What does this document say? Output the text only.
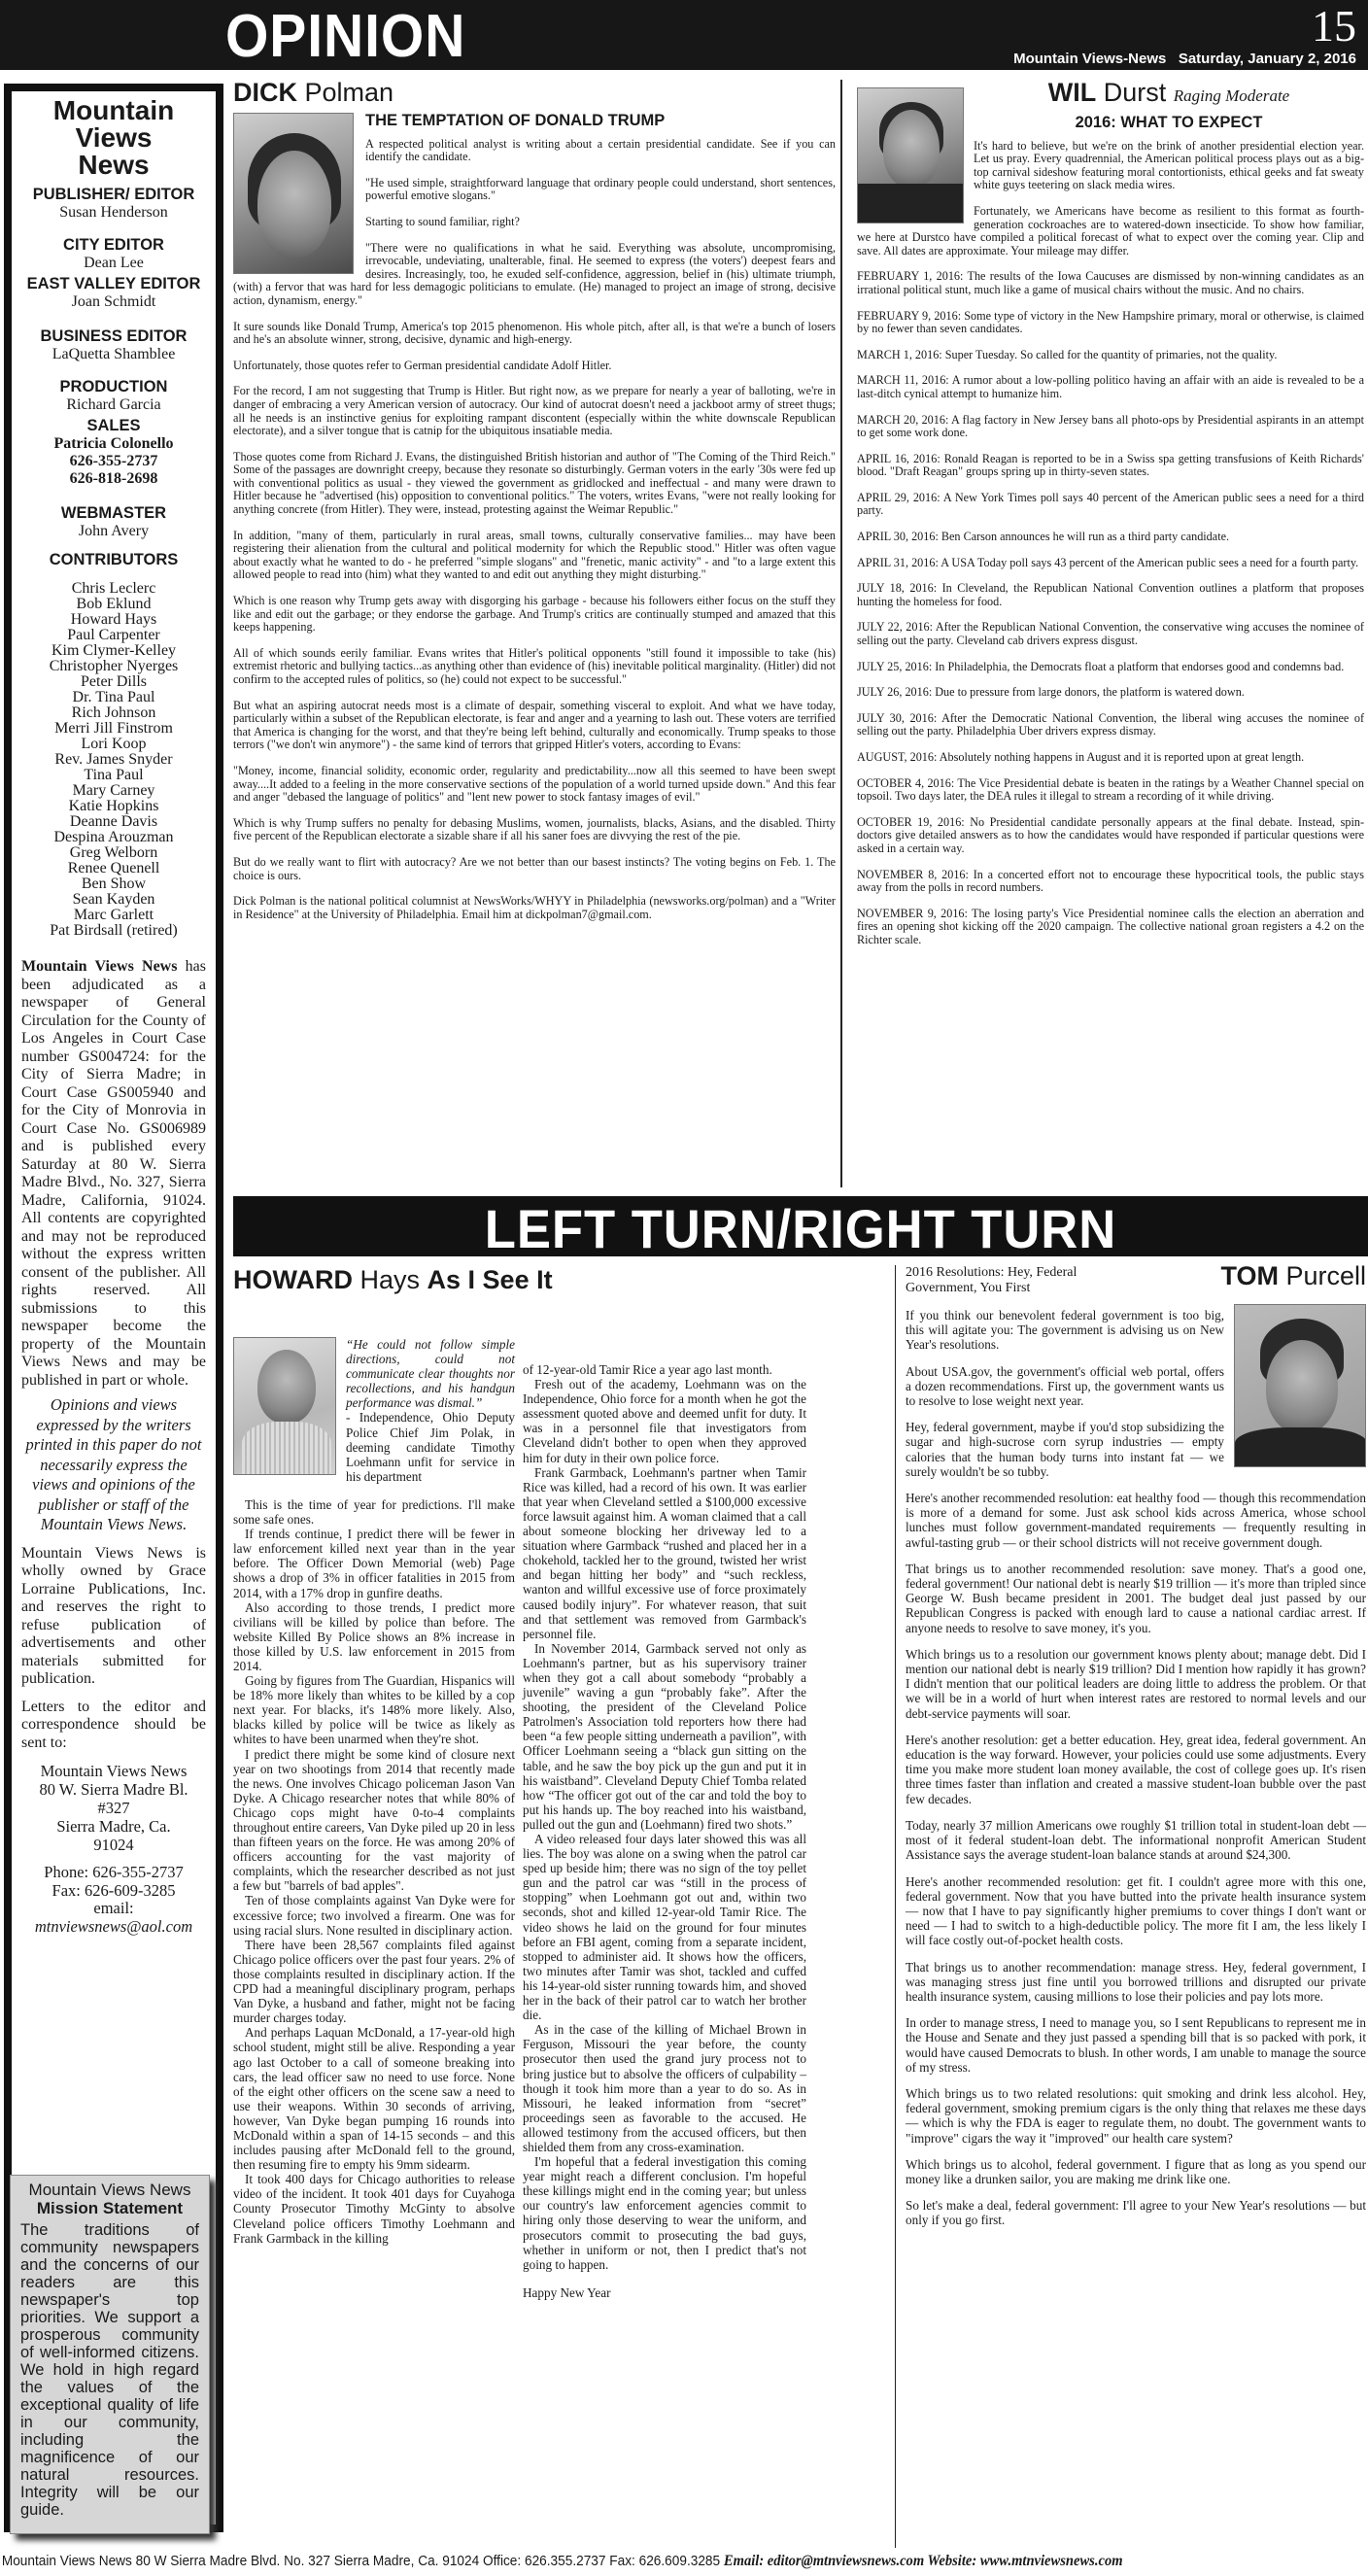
OPINION	15
Mountain Views-News   Saturday, January 2, 2016
Mountain
Views
News
PUBLISHER/ EDITOR
Susan Henderson
CITY EDITOR
Dean Lee
EAST VALLEY EDITOR
Joan Schmidt
BUSINESS EDITOR
LaQuetta Shamblee
PRODUCTION
Richard Garcia
SALES
Patricia Colonello
626-355-2737
626-818-2698
WEBMASTER
John Avery
CONTRIBUTORS
Chris Leclerc
Bob Eklund
Howard Hays
Paul Carpenter
Kim Clymer-Kelley
Christopher Nyerges
Peter Dills
Dr. Tina Paul
Rich Johnson
Merri Jill Finstrom
Lori Koop
Rev. James Snyder
Tina Paul
Mary Carney
Katie Hopkins
Deanne Davis
Despina Arouzman
Greg Welborn
Renee Quenell
Ben Show
Sean Kayden
Marc Garlett
Pat Birdsall (retired)

Mountain Views News has been adjudicated as a newspaper of General Circulation for the County of Los Angeles in Court Case number GS004724: for the City of Sierra Madre; in Court Case GS005940 and for the City of Monrovia in Court Case No. GS006989 and is published every Saturday at 80 W. Sierra Madre Blvd., No. 327, Sierra Madre, California, 91024. All contents are copyrighted and may not be reproduced without the express written consent of the publisher. All rights reserved. All submissions to this newspaper become the property of the Mountain Views News and may be published in part or whole.

Opinions and views expressed by the writers printed in this paper do not necessarily express the views and opinions of the publisher or staff of the Mountain Views News.

Mountain Views News is wholly owned by Grace Lorraine Publications, Inc. and reserves the right to refuse publication of advertisements and other materials submitted for publication.

Letters to the editor and correspondence should be sent to:

Mountain Views News
80 W. Sierra Madre Bl.
#327
Sierra Madre, Ca.
91024
Phone: 626-355-2737
Fax: 626-609-3285
email:
mtnviewsnews@aol.com
Mountain Views News
Mission Statement

The traditions of community newspapers and the concerns of our readers are this newspaper's top priorities. We support a prosperous community of well-informed citizens. We hold in high regard the values of the exceptional quality of life in our community, including the magnificence of our natural resources. Integrity will be our guide.

DICK Polman
THE TEMPTATION OF DONALD TRUMP

A respected political analyst is writing about a certain presidential candidate. See if you can identify the candidate.

"He used simple, straightforward language that ordinary people could understand, short sentences, powerful emotive slogans."

Starting to sound familiar, right?

"There were no qualifications in what he said. Everything was absolute, uncompromising, irrevocable, undeviating, unalterable, final. He seemed to express (the voters') deepest fears and desires. Increasingly, too, he exuded self-confidence, aggression, belief in (his) ultimate triumph, (with) a fervor that was hard for less demagogic politicians to emulate. (He) managed to project an image of strong, decisive action, dynamism, energy."

It sure sounds like Donald Trump, America's top 2015 phenomenon. His whole pitch, after all, is that we're a bunch of losers and he's an absolute winner, strong, decisive, dynamic and high-energy.

Unfortunately, those quotes refer to German presidential candidate Adolf Hitler.

For the record, I am not suggesting that Trump is Hitler. But right now, as we prepare for nearly a year of balloting, we're in danger of embracing a very American version of autocracy. Our kind of autocrat doesn't need a jackboot army of street thugs; all he needs is an instinctive genius for exploiting rampant discontent (especially within the white downscale Republican electorate), and a silver tongue that is catnip for the ubiquitous insatiable media.

Those quotes come from Richard J. Evans, the distinguished British historian and author of "The Coming of the Third Reich." Some of the passages are downright creepy, because they resonate so disturbingly. German voters in the early '30s were fed up with conventional politics as usual - they viewed the government as gridlocked and ineffectual - and many were drawn to Hitler because he "advertised (his) opposition to conventional politics." The voters, writes Evans, "were not really looking for anything concrete (from Hitler). They were, instead, protesting against the Weimar Republic."

In addition, "many of them, particularly in rural areas, small towns, culturally conservative families... may have been registering their alienation from the cultural and political modernity for which the Republic stood." Hitler was often vague about exactly what he wanted to do - he preferred "simple slogans" and "frenetic, manic activity" - and "to a large extent this allowed people to read into (him) what they wanted to and edit out anything they might disturbing."

Which is one reason why Trump gets away with disgorging his garbage - because his followers either focus on the stuff they like and edit out the garbage; or they endorse the garbage. And Trump's critics are continually stumped and amazed that this keeps happening.

All of which sounds eerily familiar. Evans writes that Hitler's political opponents "still found it impossible to take (his) extremist rhetoric and bullying tactics...as anything other than evidence of (his) inevitable political marginality. (Hitler) did not confirm to the accepted rules of politics, so (he) could not expect to be successful."

But what an aspiring autocrat needs most is a climate of despair, something visceral to exploit. And what we have today, particularly within a subset of the Republican electorate, is fear and anger and a yearning to lash out. These voters are terrified that America is changing for the worst, and that they're being left behind, culturally and economically. Trump speaks to those terrors ("we don't win anymore") - the same kind of terrors that gripped Hitler's voters, according to Evans:

"Money, income, financial solidity, economic order, regularity and predictability...now all this seemed to have been swept away....It added to a feeling in the more conservative sections of the population of a world turned upside down." And this fear and anger "debased the language of politics" and "lent new power to stock fantasy images of evil."

Which is why Trump suffers no penalty for debasing Muslims, women, journalists, blacks, Asians, and the disabled. Thirty five percent of the Republican electorate a sizable share if all his saner foes are divvying the rest of the pie.

But do we really want to flirt with autocracy? Are we not better than our basest instincts? The voting begins on Feb. 1. The choice is ours.

Dick Polman is the national political columnist at NewsWorks/WHYY in Philadelphia (newsworks.org/polman) and a "Writer in Residence" at the University of Philadelphia. Email him at dickpolman7@gmail.com.

WIL Durst Raging Moderate
2016: WHAT TO EXPECT

It's hard to believe, but we're on the brink of another presidential election year. Let us pray. Every quadrennial, the American political process plays out as a big-top carnival sideshow featuring moral contortionists, ethical geeks and fat sweaty white guys teetering on slack media wires.

Fortunately, we Americans have become as resilient to this format as fourth-generation cockroaches are to watered-down insecticide. To show how familiar, we here at Durstco have compiled a political forecast of what to expect over the coming year. Clip and save. All dates are approximate. Your mileage may differ.

FEBRUARY 1, 2016: The results of the Iowa Caucuses are dismissed by non-winning candidates as an irrational political stunt, much like a game of musical chairs without the music. And no chairs.

FEBRUARY 9, 2016: Some type of victory in the New Hampshire primary, moral or otherwise, is claimed by no fewer than seven candidates.

MARCH 1, 2016: Super Tuesday. So called for the quantity of primaries, not the quality.

MARCH 11, 2016: A rumor about a low-polling politico having an affair with an aide is revealed to be a last-ditch cynical attempt to humanize him.

MARCH 20, 2016: A flag factory in New Jersey bans all photo-ops by Presidential aspirants in an attempt to get some work done.

APRIL 16, 2016: Ronald Reagan is reported to be in a Swiss spa getting transfusions of Keith Richards' blood. "Draft Reagan" groups spring up in thirty-seven states.

APRIL 29, 2016: A New York Times poll says 40 percent of the American public sees a need for a third party.

APRIL 30, 2016: Ben Carson announces he will run as a third party candidate.

APRIL 31, 2016: A USA Today poll says 43 percent of the American public sees a need for a fourth party.

JULY 18, 2016: In Cleveland, the Republican National Convention outlines a platform that proposes hunting the homeless for food.

JULY 22, 2016: After the Republican National Convention, the conservative wing accuses the nominee of selling out the party. Cleveland cab drivers express disgust.

JULY 25, 2016: In Philadelphia, the Democrats float a platform that endorses good and condemns bad.

JULY 26, 2016: Due to pressure from large donors, the platform is watered down.

JULY 30, 2016: After the Democratic National Convention, the liberal wing accuses the nominee of selling out the party. Philadelphia Uber drivers express dismay.

AUGUST, 2016: Absolutely nothing happens in August and it is reported upon at great length.

OCTOBER 4, 2016: The Vice Presidential debate is beaten in the ratings by a Weather Channel special on topsoil. Two days later, the DEA rules it illegal to stream a recording of it while driving.

OCTOBER 19, 2016: No Presidential candidate personally appears at the final debate. Instead, spin-doctors give detailed answers as to how the candidates would have responded if particular questions were asked in a certain way.

NOVEMBER 8, 2016: In a concerted effort not to encourage these hypocritical tools, the public stays away from the polls in record numbers.

NOVEMBER 9, 2016: The losing party's Vice Presidential nominee calls the election an aberration and fires an opening shot kicking off the 2020 campaign. The collective national groan registers a 4.2 on the Richter scale.

LEFT TURN/RIGHT TURN
HOWARD Hays As I See It

“He could not follow simple directions, could not communicate clear thoughts nor recollections, and his handgun performance was dismal.”

- Independence, Ohio Deputy Police Chief Jim Polak, in deeming candidate Timothy Loehmann unfit for service in his department

This is the time of year for predictions. I'll make some safe ones.

If trends continue, I predict there will be fewer in law enforcement killed next year than in the year before. The Officer Down Memorial (web) Page shows a drop of 3% in officer fatalities in 2015 from 2014, with a 17% drop in gunfire deaths.

Also according to those trends, I predict more civilians will be killed by police than before. The website Killed By Police shows an 8% increase in those killed by U.S. law enforcement in 2015 from 2014.

Going by figures from The Guardian, Hispanics will be 18% more likely than whites to be killed by a cop next year. For blacks, it's 148% more likely. Also, blacks killed by police will be twice as likely as whites to have been unarmed when they're shot.

I predict there might be some kind of closure next year on two shootings from 2014 that recently made the news. One involves Chicago policeman Jason Van Dyke. A Chicago researcher notes that while 80% of Chicago cops might have 0-to-4 complaints throughout entire careers, Van Dyke piled up 20 in less than fifteen years on the force. He was among 20% of officers accounting for the vast majority of complaints, which the researcher described as not just a few but "barrels of bad apples".

Ten of those complaints against Van Dyke were for excessive force; two involved a firearm. One was for using racial slurs. None resulted in disciplinary action.

There have been 28,567 complaints filed against Chicago police officers over the past four years. 2% of those complaints resulted in disciplinary action. If the CPD had a meaningful disciplinary program, perhaps Van Dyke, a husband and father, might not be facing murder charges today.

And perhaps Laquan McDonald, a 17-year-old high school student, might still be alive. Responding a year ago last October to a call of someone breaking into cars, the lead officer saw no need to use force. None of the eight other officers on the scene saw a need to use their weapons. Within 30 seconds of arriving, however, Van Dyke began pumping 16 rounds into McDonald within a span of 14-15 seconds – and this includes pausing after McDonald fell to the ground, then resuming fire to empty his 9mm sidearm.

It took 400 days for Chicago authorities to release video of the incident. It took 401 days for Cuyahoga County Prosecutor Timothy McGinty to absolve Cleveland police officers Timothy Loehmann and Frank Garmback in the killing

of 12-year-old Tamir Rice a year ago last month.

Fresh out of the academy, Loehmann was on the Independence, Ohio force for a month when he got the assessment quoted above and deemed unfit for duty. It was in a personnel file that investigators from Cleveland didn't bother to open when they approved him for duty in their own police force.

Frank Garmback, Loehmann's partner when Tamir Rice was killed, had a record of his own. It was earlier that year when Cleveland settled a $100,000 excessive force lawsuit against him. A woman claimed that a call about someone blocking her driveway led to a situation where Garmback “rushed and placed her in a chokehold, tackled her to the ground, twisted her wrist and began hitting her body” and “such reckless, wanton and willful excessive use of force proximately caused bodily injury”. For whatever reason, that suit and that settlement was removed from Garmback's personnel file.

In November 2014, Garmback served not only as Loehmann's partner, but as his supervisory trainer when they got a call about somebody “probably a juvenile” waving a gun “probably fake”. After the shooting, the president of the Cleveland Police Patrolmen's Association told reporters how there had been “a few people sitting underneath a pavilion”, with Officer Loehmann seeing a “black gun sitting on the table, and he saw the boy pick up the gun and put it in his waistband”. Cleveland Deputy Chief Tomba related how “The officer got out of the car and told the boy to put his hands up. The boy reached into his waistband, pulled out the gun and (Loehmann) fired two shots.”

A video released four days later showed this was all lies. The boy was alone on a swing when the patrol car sped up beside him; there was no sign of the toy pellet gun and the patrol car was “still in the process of stopping” when Loehmann got out and, within two seconds, shot and killed 12-year-old Tamir Rice. The video shows he laid on the ground for four minutes before an FBI agent, coming from a separate incident, stopped to administer aid. It shows how the officers, two minutes after Tamir was shot, tackled and cuffed his 14-year-old sister running towards him, and shoved her in the back of their patrol car to watch her brother die.

As in the case of the killing of Michael Brown in Ferguson, Missouri the year before, the county prosecutor then used the grand jury process not to bring justice but to absolve the officers of culpability – though it took him more than a year to do so. As in Missouri, he leaked information from “secret” proceedings seen as favorable to the accused. He allowed testimony from the accused officers, but then shielded them from any cross-examination.

I'm hopeful that a federal investigation this coming year might reach a different conclusion. I'm hopeful these killings might end in the coming year; but unless our country's law enforcement agencies commit to hiring only those deserving to wear the uniform, and prosecutors commit to prosecuting the bad guys, whether in uniform or not, then I predict that's not going to happen.

Happy New Year

2016 Resolutions: Hey, Federal Government, You First	TOM Purcell

If you think our benevolent federal government is too big, this will agitate you: The government is advising us on New Year's resolutions.

About USA.gov, the government's official web portal, offers a dozen recommendations. First up, the government wants us to resolve to lose weight next year.

Hey, federal government, maybe if you'd stop subsidizing the sugar and high-sucrose corn syrup industries — empty calories that the human body turns into instant fat — we surely wouldn't be so tubby.

Here's another recommended resolution: eat healthy food — though this recommendation is more of a demand for some. Just ask school kids across America, whose school lunches must follow government-mandated requirements — frequently resulting in awful-tasting grub — or their school districts will not receive government dough.

That brings us to another recommended resolution: save money. That's a good one, federal government! Our national debt is nearly $19 trillion — it's more than tripled since George W. Bush became president in 2001. The budget deal just passed by our Republican Congress is packed with enough lard to cause a national cardiac arrest. If anyone needs to resolve to save money, it's you.

Which brings us to a resolution our government knows plenty about; manage debt. Did I mention our national debt is nearly $19 trillion? Did I mention how rapidly it has grown? I didn't mention that our political leaders are doing little to address the problem. Or that we will be in a world of hurt when interest rates are restored to normal levels and our debt-service payments will soar.

Here's another resolution: get a better education. Hey, great idea, federal government. An education is the way forward. However, your policies could use some adjustments. Every time you make more student loan money available, the cost of college goes up. It's risen three times faster than inflation and created a massive student-loan bubble over the past few decades.

Today, nearly 37 million Americans owe roughly $1 trillion total in student-loan debt — most of it federal student-loan debt. The informational nonprofit American Student Assistance says the average student-loan balance stands at around $24,300.

Here's another recommended resolution: get fit. I couldn't agree more with this one, federal government. Now that you have butted into the private health insurance system — now that I have to pay significantly higher premiums to cover things I don't want or need — I had to switch to a high-deductible policy. The more fit I am, the less likely I will face costly out-of-pocket health costs.

That brings us to another recommendation: manage stress. Hey, federal government, I was managing stress just fine until you borrowed trillions and disrupted our private health insurance system, causing millions to lose their policies and pay lots more.

In order to manage stress, I need to manage you, so I sent Republicans to represent me in the House and Senate and they just passed a spending bill that is so packed with pork, it would have caused Democrats to blush. In other words, I am unable to manage the source of my stress.

Which brings us to two related resolutions: quit smoking and drink less alcohol. Hey, federal government, smoking premium cigars is the only thing that relaxes me these days — which is why the FDA is eager to regulate them, no doubt. The government wants to "improve" cigars the way it "improved" our health care system?

Which brings us to alcohol, federal government. I figure that as long as you spend our money like a drunken sailor, you are making me drink like one.

So let's make a deal, federal government: I'll agree to your New Year's resolutions — but only if you go first.

Mountain Views News 80 W Sierra Madre Blvd. No. 327 Sierra Madre, Ca. 91024 Office: 626.355.2737 Fax: 626.609.3285 Email: editor@mtnviewsnews.com Website: www.mtnviewsnews.com
